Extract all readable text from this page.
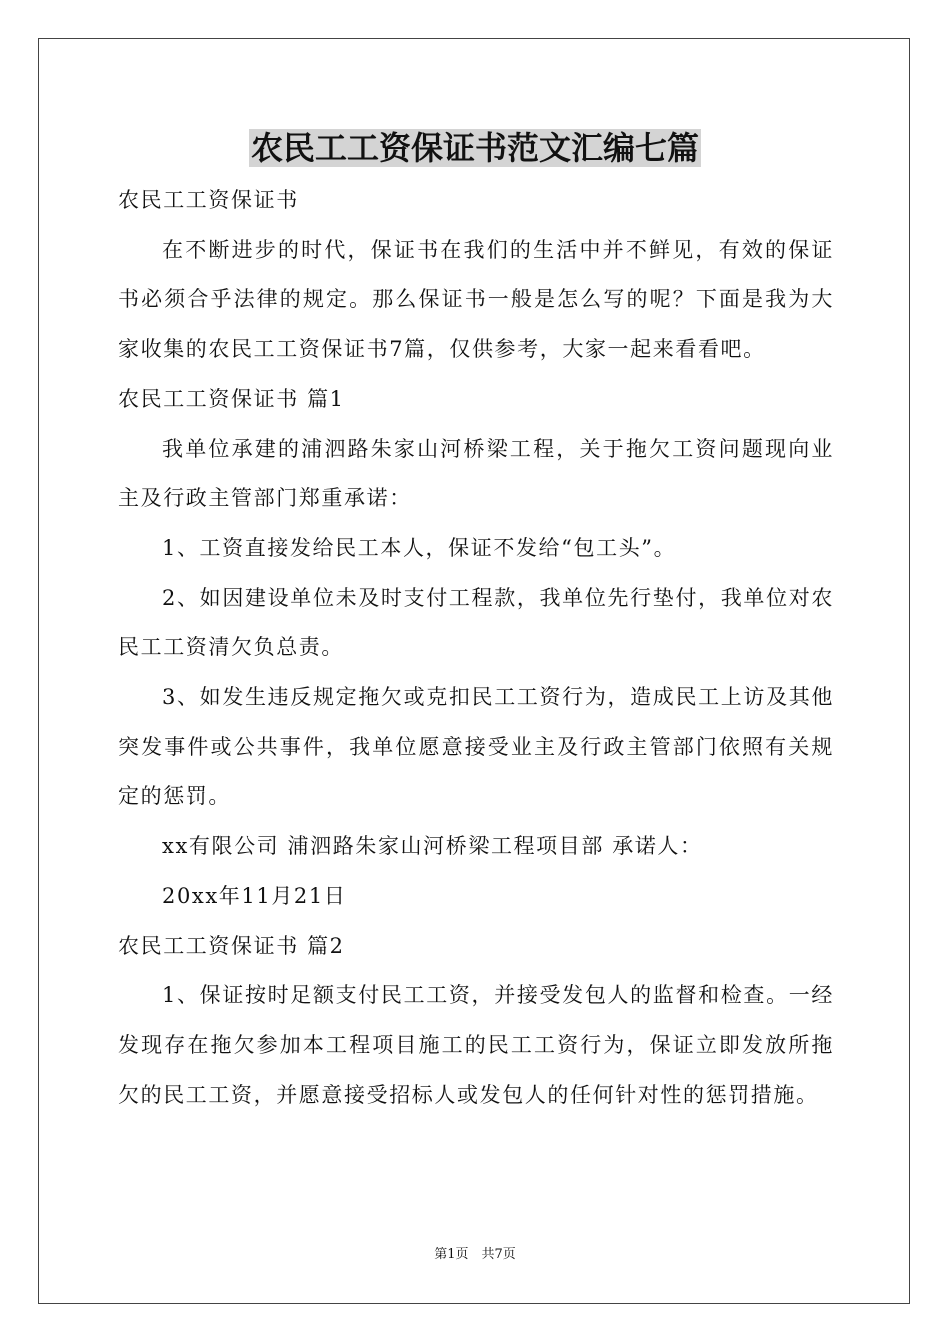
农民工工资保证书范文汇编七篇

农民工工资保证书

在不断进步的时代，保证书在我们的生活中并不鲜见，有效的保证书必须合乎法律的规定。那么保证书一般是怎么写的呢？下面是我为大家收集的农民工工资保证书7篇，仅供参考，大家一起来看看吧。

农民工工资保证书 篇1

我单位承建的浦泗路朱家山河桥梁工程，关于拖欠工资问题现向业主及行政主管部门郑重承诺：

1、工资直接发给民工本人，保证不发给“包工头”。

2、如因建设单位未及时支付工程款，我单位先行垫付，我单位对农民工工资清欠负总责。

3、如发生违反规定拖欠或克扣民工工资行为，造成民工上访及其他突发事件或公共事件，我单位愿意接受业主及行政主管部门依照有关规定的惩罚。

xx有限公司 浦泗路朱家山河桥梁工程项目部 承诺人：

20xx年11月21日

农民工工资保证书 篇2

1、保证按时足额支付民工工资，并接受发包人的监督和检查。一经发现存在拖欠参加本工程项目施工的民工工资行为，保证立即发放所拖欠的民工工资，并愿意接受招标人或发包人的任何针对性的惩罚措施。

第1页　共7页
